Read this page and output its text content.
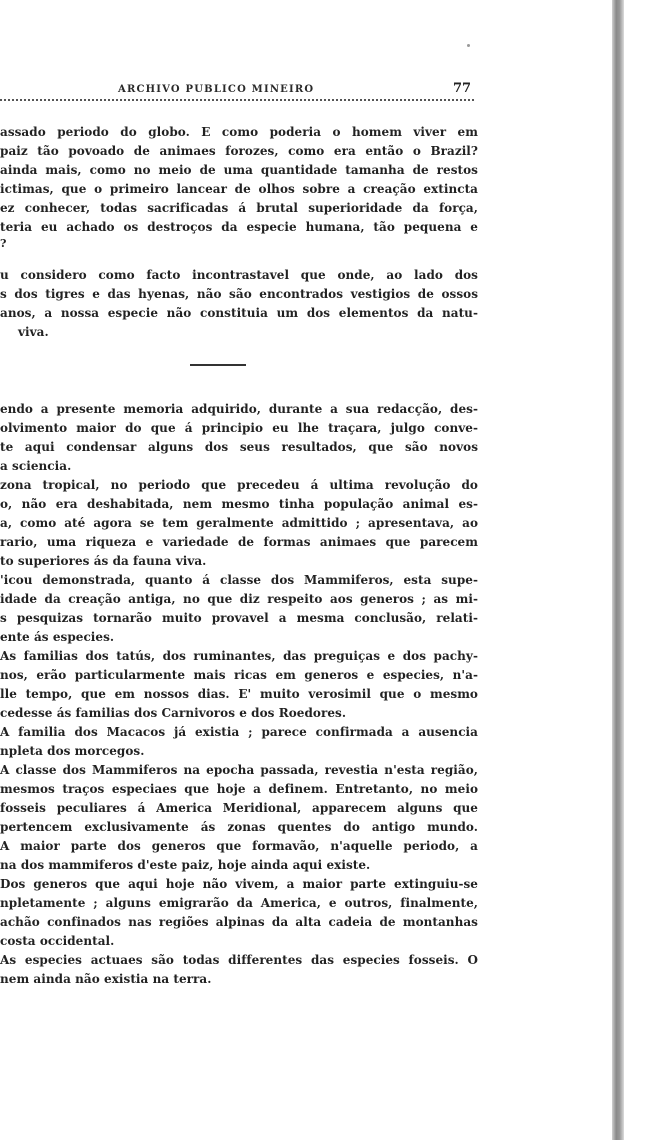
ARCHIVO PUBLICO MINEIRO	77
assado periodo do globo. E como poderia o homem viver em
paiz tão povoado de animaes forozes, como era então o Brazil?
ainda mais, como no meio de uma quantidade tamanha de restos
ictimas, que o primeiro lancear de olhos sobre a creação extincta
ez conhecer, todas sacrificadas á brutal superioridade da força,
teria eu achado os destroços da especie humana, tão pequena e
?
u considero como facto incontrastavel que onde, ao lado dos
s dos tigres e das hyenas, não são encontrados vestigios de ossos
anos, a nossa especie não constituia um dos elementos da natu-
viva.
endo a presente memoria adquirido, durante a sua redacção, des-
olvimento maior do que á principio eu lhe traçara, julgo conve-
te aqui condensar alguns dos seus resultados, que são novos
a sciencia.
zona tropical, no periodo que precedeu á ultima revolução do
o, não era deshabitada, nem mesmo tinha população animal es-
a, como até agora se tem geralmente admittido ; apresentava, ao
rario, uma riqueza e variedade de formas animaes que parecem
to superiores ás da fauna viva.
'icou demonstrada, quanto á classe dos Mammiferos, esta supe-
idade da creação antiga, no que diz respeito aos generos ; as mi-
s pesquizas tornarão muito provavel a mesma conclusão, relati-
ente ás especies.
As familias dos tatús, dos ruminantes, das preguiças e dos pachy-
nos, erão particularmente mais ricas em generos e especies, n'a-
lle tempo, que em nossos dias. E' muito verosimil que o mesmo
cedesse ás familias dos Carnivoros e dos Roedores.
A familia dos Macacos já existia ; parece confirmada a ausencia
npleta dos morcegos.
A classe dos Mammiferos na epocha passada, revestia n'esta região,
mesmos traços especiaes que hoje a definem. Entretanto, no meio
fosseis peculiares á America Meridional, apparecem alguns que
pertencem exclusivamente ás zonas quentes do antigo mundo.
A maior parte dos generos que formavão, n'aquelle periodo, a
na dos mammiferos d'este paiz, hoje ainda aqui existe.
Dos generos que aqui hoje não vivem, a maior parte extinguiu-se
npletamente ; alguns emigrarão da America, e outros, finalmente,
achão confinados nas regiões alpinas da alta cadeia de montanhas
costa occidental.
As especies actuaes são todas differentes das especies fosseis. O
nem ainda não existia na terra.
